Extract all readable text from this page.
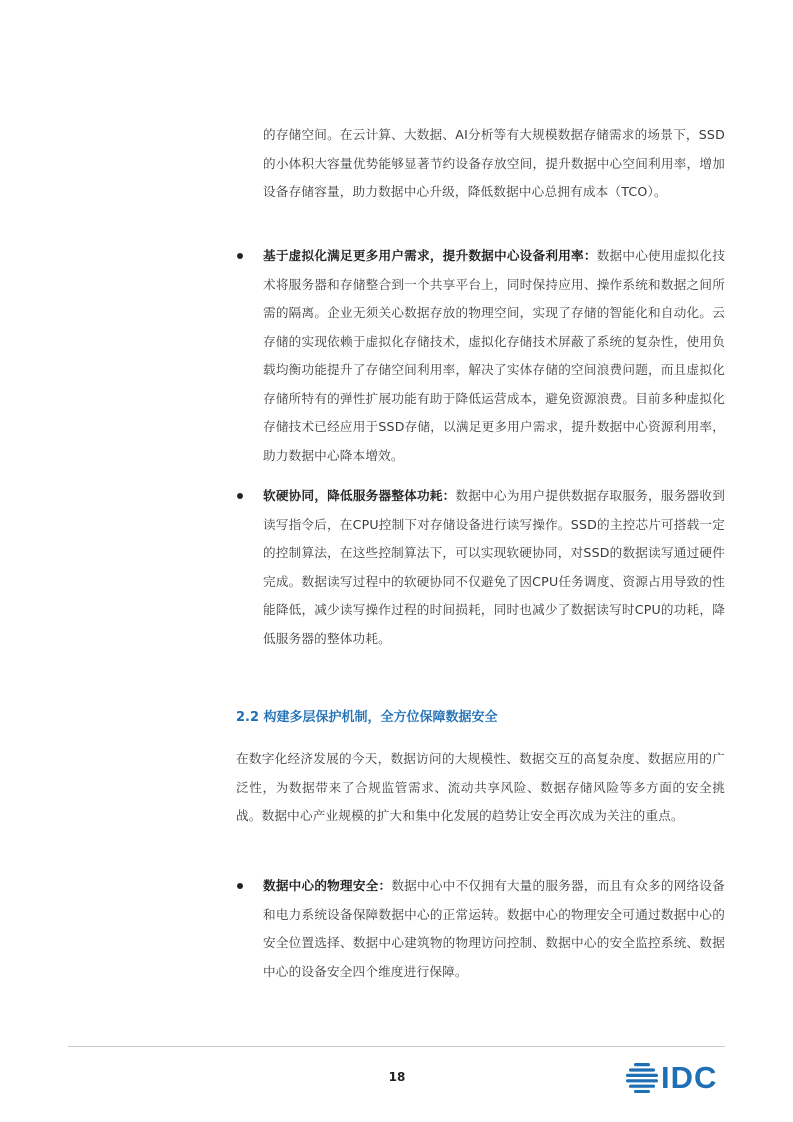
的存储空间。在云计算、大数据、AI分析等有大规模数据存储需求的场景下，SSD的小体积大容量优势能够显著节约设备存放空间，提升数据中心空间利用率，增加设备存储容量，助力数据中心升级，降低数据中心总拥有成本（TCO）。
基于虚拟化满足更多用户需求，提升数据中心设备利用率：数据中心使用虚拟化技术将服务器和存储整合到一个共享平台上，同时保持应用、操作系统和数据之间所需的隔离。企业无须关心数据存放的物理空间，实现了存储的智能化和自动化。云存储的实现依赖于虚拟化存储技术，虚拟化存储技术屏蔽了系统的复杂性，使用负载均衡功能提升了存储空间利用率，解决了实体存储的空间浪费问题，而且虚拟化存储所特有的弹性扩展功能有助于降低运营成本，避免资源浪费。目前多种虚拟化存储技术已经应用于SSD存储，以满足更多用户需求，提升数据中心资源利用率，助力数据中心降本增效。
软硬协同，降低服务器整体功耗：数据中心为用户提供数据存取服务，服务器收到读写指令后，在CPU控制下对存储设备进行读写操作。SSD的主控芯片可搭载一定的控制算法，在这些控制算法下，可以实现软硬协同，对SSD的数据读写通过硬件完成。数据读写过程中的软硬协同不仅避免了因CPU任务调度、资源占用导致的性能降低，减少读写操作过程的时间损耗，同时也减少了数据读写时CPU的功耗，降低服务器的整体功耗。
2.2 构建多层保护机制，全方位保障数据安全
在数字化经济发展的今天，数据访问的大规模性、数据交互的高复杂度、数据应用的广泛性，为数据带来了合规监管需求、流动共享风险、数据存储风险等多方面的安全挑战。数据中心产业规模的扩大和集中化发展的趋势让安全再次成为关注的重点。
数据中心的物理安全：数据中心中不仅拥有大量的服务器，而且有众多的网络设备和电力系统设备保障数据中心的正常运转。数据中心的物理安全可通过数据中心的安全位置选择、数据中心建筑物的物理访问控制、数据中心的安全监控系统、数据中心的设备安全四个维度进行保障。
18	IDC
